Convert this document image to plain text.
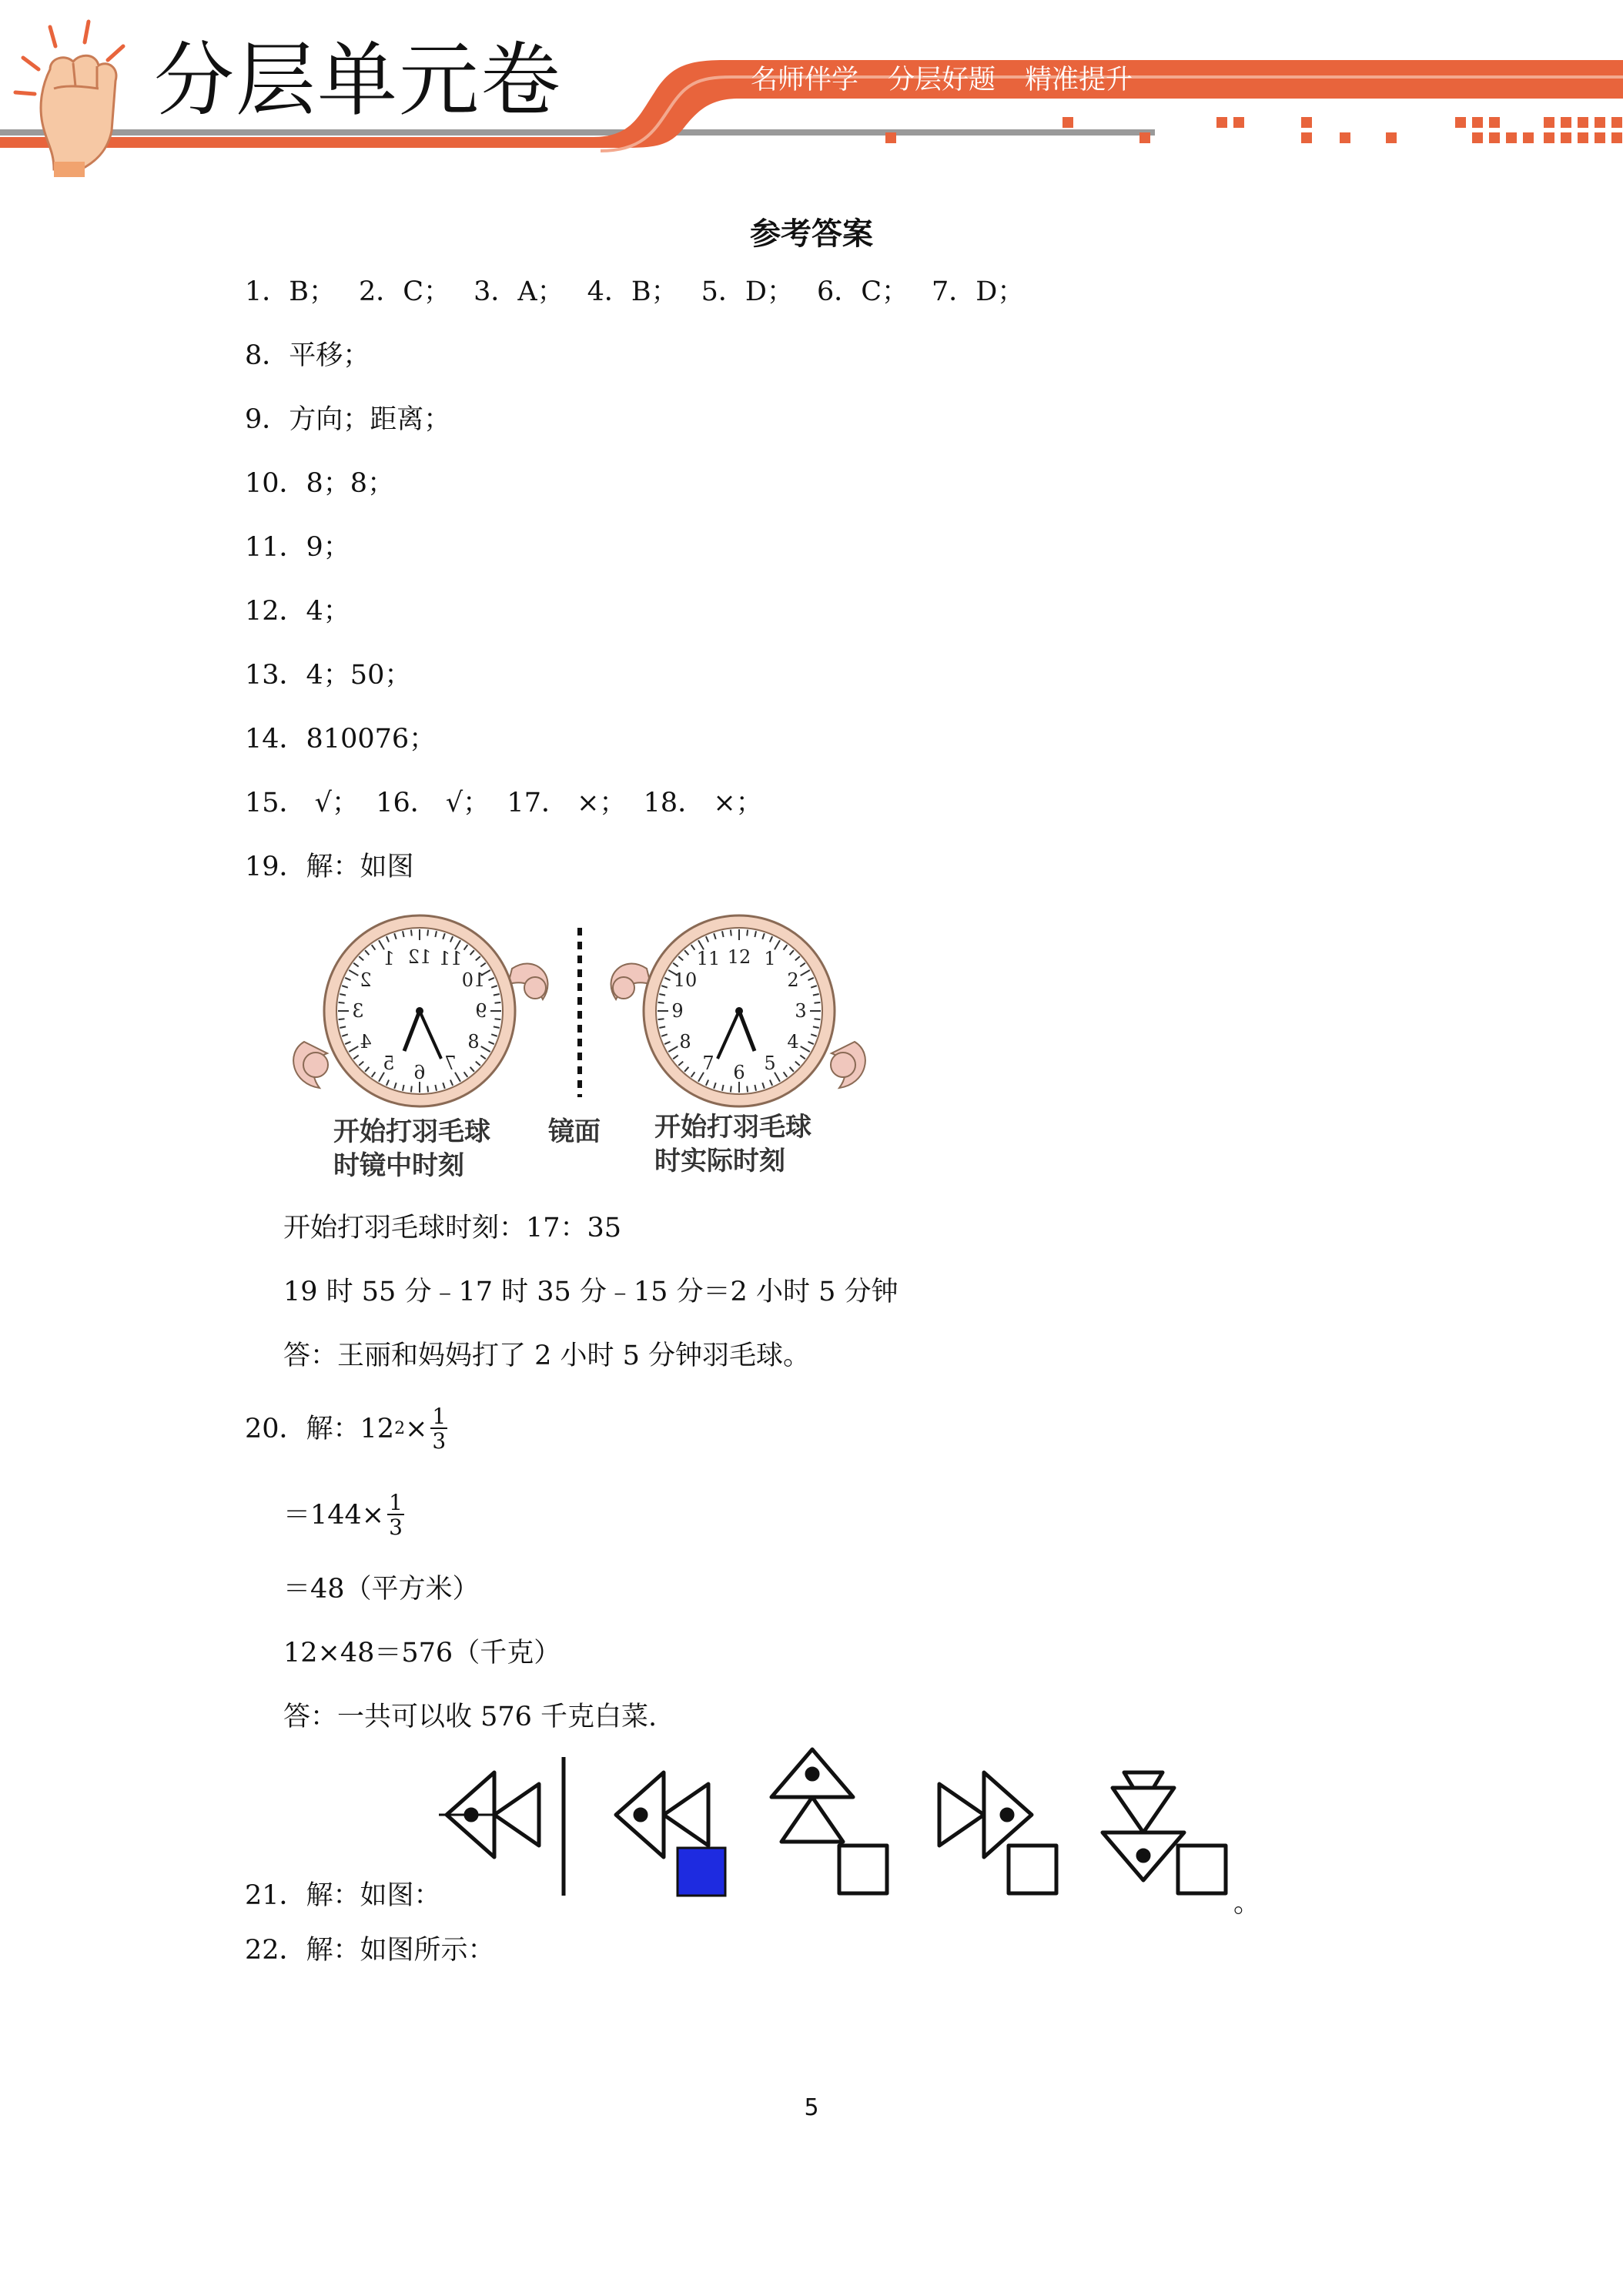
分层单元卷	名师伴学 分层好题 精准提升
参考答案
1．B； 2．C； 3．A； 4．B； 5．D； 6．C； 7．D；
8．平移；
9．方向；距离；
10．8；8；
11．9；
12．4；
13．4；50；
14．810076；
15． √；  16． √；  17． ×；  18． ×；
19．解：如图
12
1
2
3
4
5 6 7
8
9
10
11	12 1
2
3
4
5
6
7
8
9
10
11
开始打羽毛球
时镜中时刻
镜面 开始打羽毛球
时实际时刻
开始打羽毛球时刻：17：35
19 时 55 分﹣17 时 35 分﹣15 分＝2 小时 5 分钟
答：王丽和妈妈打了 2 小时 5 分钟羽毛球。
20．解：12 $2 \times \frac{1}{3}$
$=144\times \frac{1}{3}$
＝48（平方米）
12×48＝576（千克）
答：一共可以收 576 千克白菜.
。
21．解：如图：
22．解：如图所示：
5
